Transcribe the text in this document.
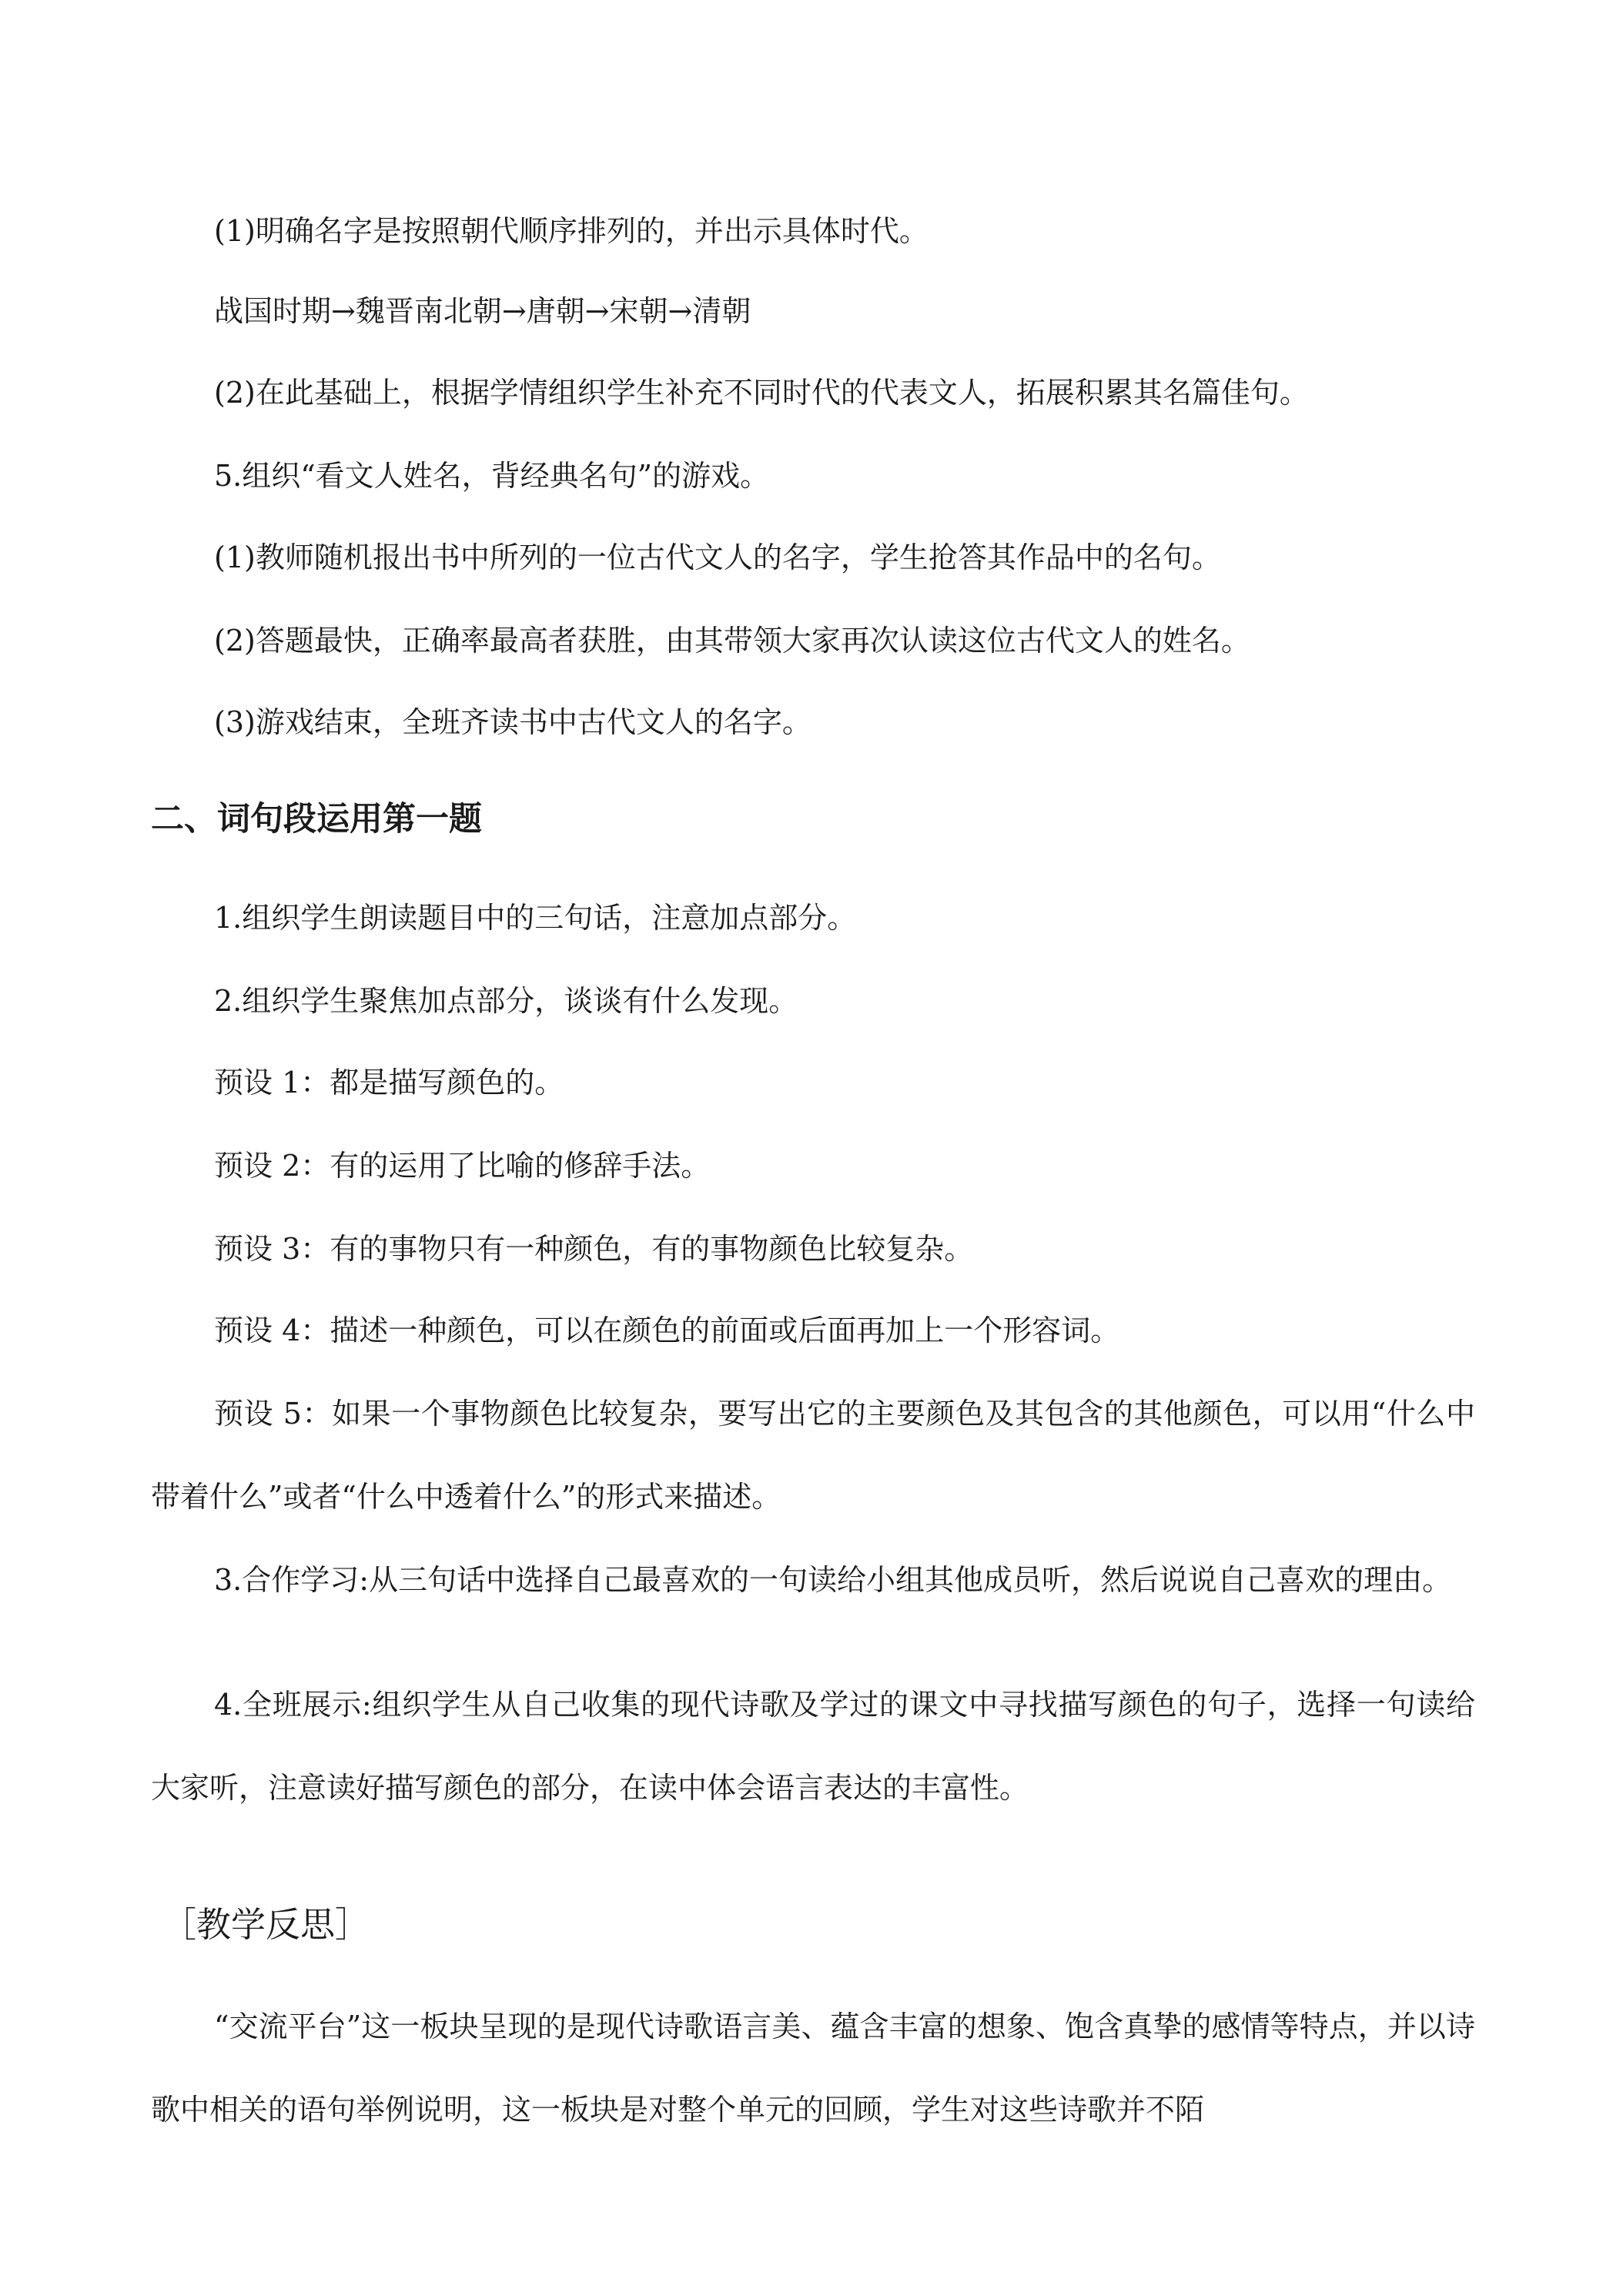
(1)明确名字是按照朝代顺序排列的，并出示具体时代。
战国时期→魏晋南北朝→唐朝→宋朝→清朝
(2)在此基础上，根据学情组织学生补充不同时代的代表文人，拓展积累其名篇佳句。
5.组织“看文人姓名，背经典名句”的游戏。
(1)教师随机报出书中所列的一位古代文人的名字，学生抢答其作品中的名句。
(2)答题最快，正确率最高者获胜，由其带领大家再次认读这位古代文人的姓名。
(3)游戏结束，全班齐读书中古代文人的名字。
二、词句段运用第一题
1.组织学生朗读题目中的三句话，注意加点部分。
2.组织学生聚焦加点部分，谈谈有什么发现。
预设 1：都是描写颜色的。
预设 2：有的运用了比喻的修辞手法。
预设 3：有的事物只有一种颜色，有的事物颜色比较复杂。
预设 4：描述一种颜色，可以在颜色的前面或后面再加上一个形容词。
预设 5：如果一个事物颜色比较复杂，要写出它的主要颜色及其包含的其他颜色，可以用“什么中带着什么”或者“什么中透着什么”的形式来描述。
3.合作学习:从三句话中选择自己最喜欢的一句读给小组其他成员听，然后说说自己喜欢的理由。
4.全班展示:组织学生从自己收集的现代诗歌及学过的课文中寻找描写颜色的句子，选择一句读给大家听，注意读好描写颜色的部分，在读中体会语言表达的丰富性。
［教学反思］
“交流平台”这一板块呈现的是现代诗歌语言美、蕴含丰富的想象、饱含真挚的感情等特点，并以诗歌中相关的语句举例说明，这一板块是对整个单元的回顾，学生对这些诗歌并不陌
